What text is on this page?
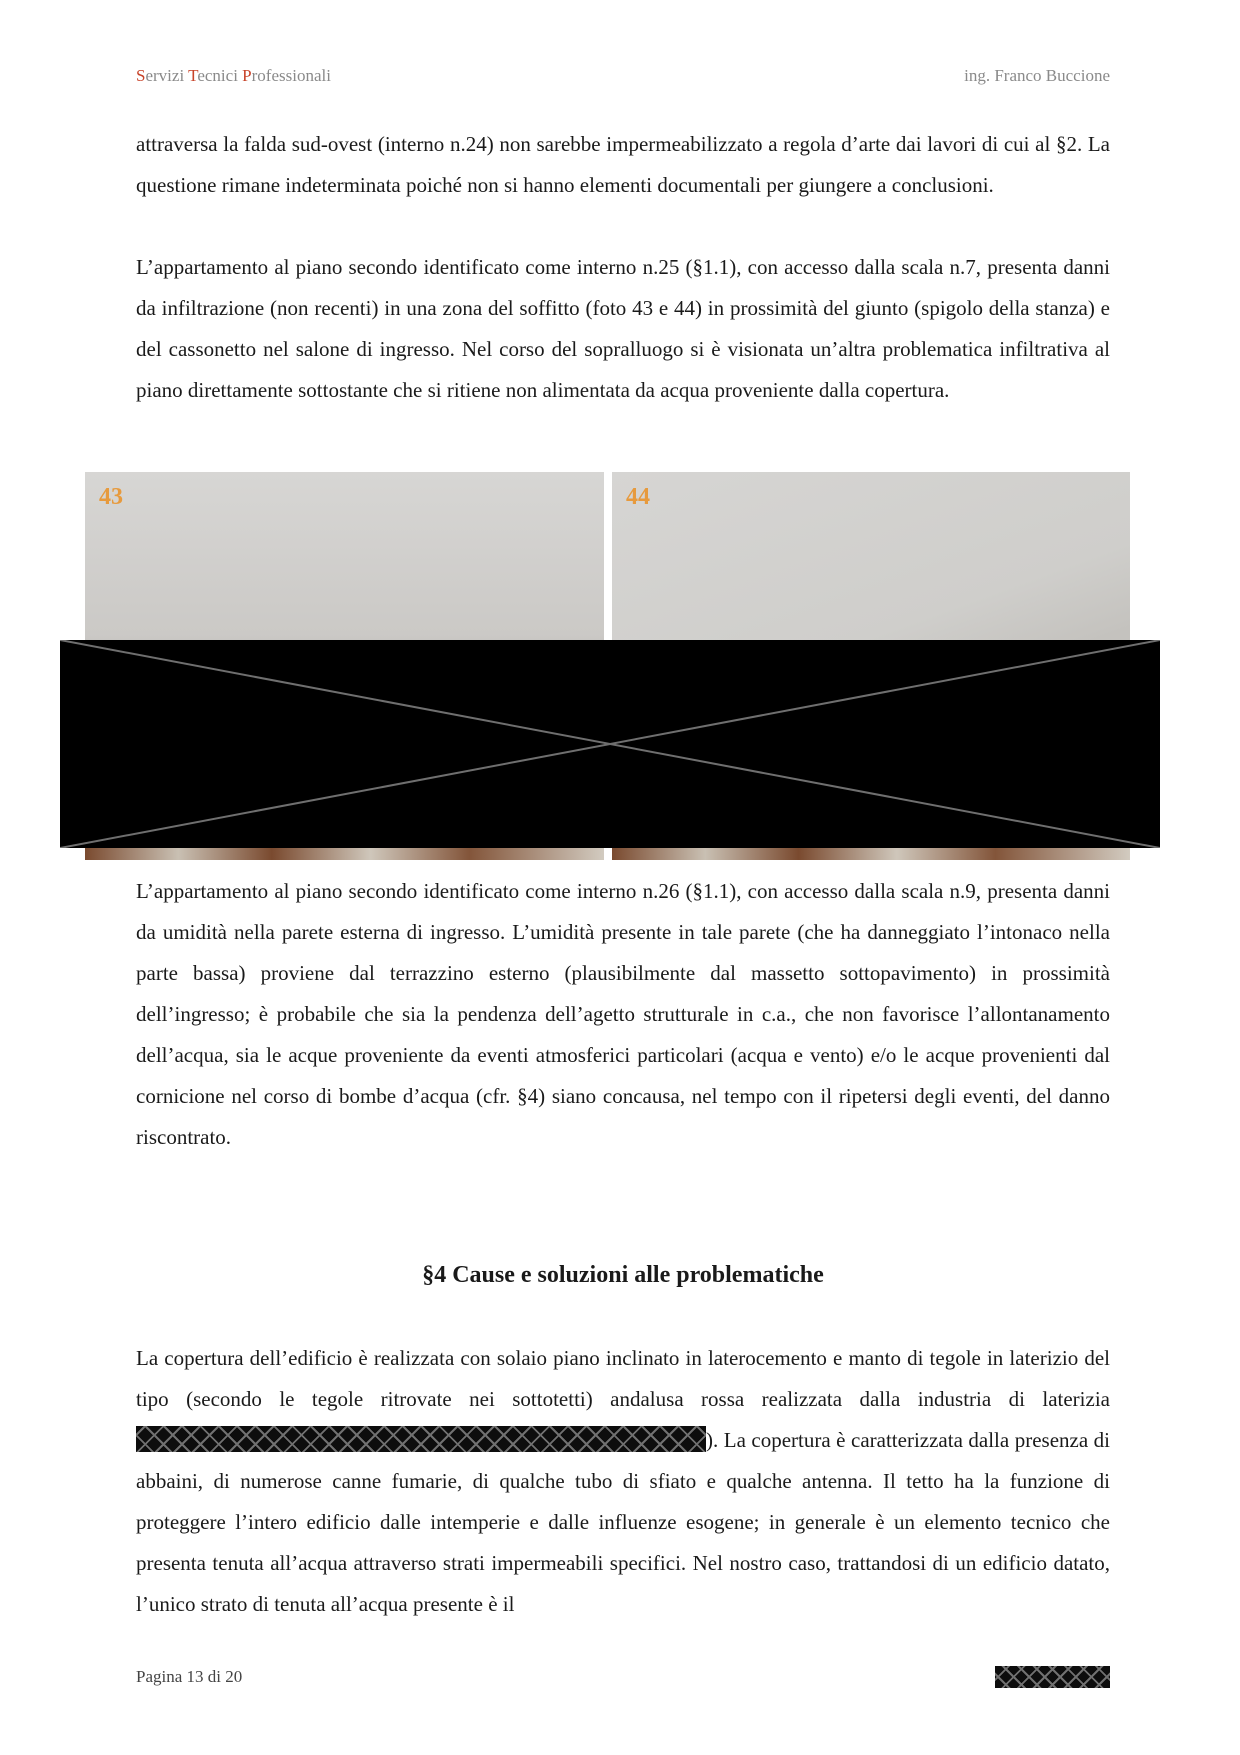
Servizi Tecnici Professionali	ing. Franco Buccione
attraversa la falda sud-ovest (interno n.24) non sarebbe impermeabilizzato a regola d’arte dai lavori di cui al §2. La questione rimane indeterminata poiché non si hanno elementi documentali per giungere a conclusioni.
L’appartamento al piano secondo identificato come interno n.25 (§1.1), con accesso dalla scala n.7, presenta danni da infiltrazione (non recenti) in una zona del soffitto (foto 43 e 44) in prossimità del giunto (spigolo della stanza) e del cassonetto nel salone di ingresso. Nel corso del sopralluogo si è visionata un’altra problematica infiltrativa al piano direttamente sottostante che si ritiene non alimentata da acqua proveniente dalla copertura.
43	44
L’appartamento al piano secondo identificato come interno n.26 (§1.1), con accesso dalla scala n.9, presenta danni da umidità nella parete esterna di ingresso. L’umidità presente in tale parete (che ha danneggiato l’intonaco nella parte bassa) proviene dal terrazzino esterno (plausibilmente dal massetto sottopavimento) in prossimità dell’ingresso; è probabile che sia la pendenza dell’agetto strutturale in c.a., che non favorisce l’allontanamento dell’acqua, sia le acque proveniente da eventi atmosferici particolari (acqua e vento) e/o le acque provenienti dal cornicione nel corso di bombe d’acqua (cfr. §4) siano concausa, nel tempo con il ripetersi degli eventi, del danno riscontrato.
§4 Cause e soluzioni alle problematiche
La copertura dell’edificio è realizzata con solaio piano inclinato in laterocemento e manto di tegole in laterizio del tipo (secondo le tegole ritrovate nei sottotetti) andalusa rossa realizzata dalla industria di laterizia ). La copertura è caratterizzata dalla presenza di abbaini, di numerose canne fumarie, di qualche tubo di sfiato e qualche antenna. Il tetto ha la funzione di proteggere l’intero edificio dalle intemperie e dalle influenze esogene; in generale è un elemento tecnico che presenta tenuta all’acqua attraverso strati impermeabili specifici. Nel nostro caso, trattandosi di un edificio datato, l’unico strato di tenuta all’acqua presente è il
Pagina 13 di 20
